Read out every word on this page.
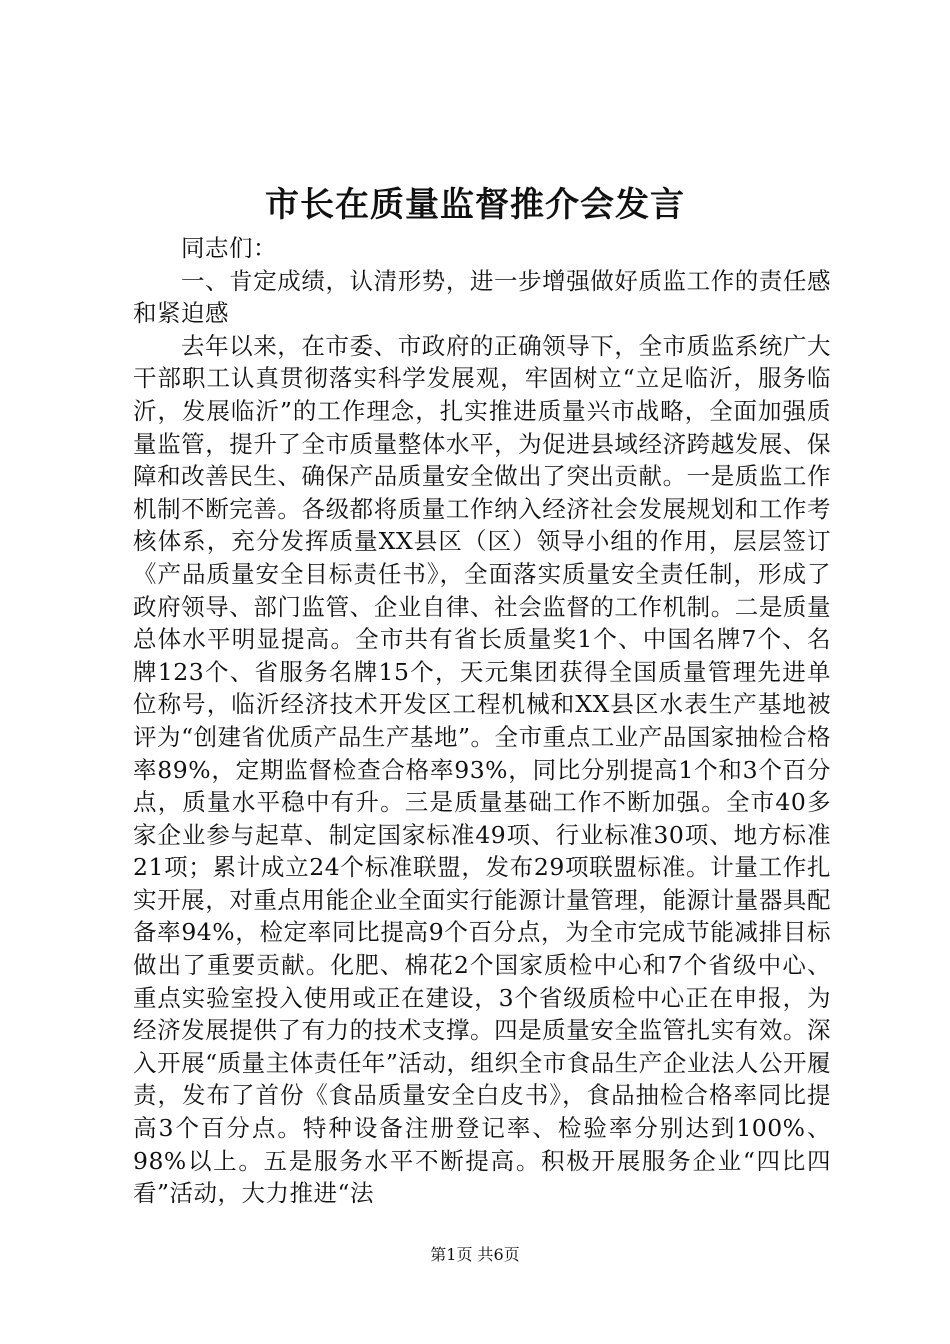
市长在质量监督推介会发言

同志们：

一、肯定成绩，认清形势，进一步增强做好质监工作的责任感和紧迫感

去年以来，在市委、市政府的正确领导下，全市质监系统广大干部职工认真贯彻落实科学发展观，牢固树立“立足临沂，服务临沂，发展临沂”的工作理念，扎实推进质量兴市战略，全面加强质量监管，提升了全市质量整体水平，为促进县域经济跨越发展、保障和改善民生、确保产品质量安全做出了突出贡献。一是质监工作机制不断完善。各级都将质量工作纳入经济社会发展规划和工作考核体系，充分发挥质量XX县区（区）领导小组的作用，层层签订《产品质量安全目标责任书》，全面落实质量安全责任制，形成了政府领导、部门监管、企业自律、社会监督的工作机制。二是质量总体水平明显提高。全市共有省长质量奖1个、中国名牌7个、名牌123个、省服务名牌15个，天元集团获得全国质量管理先进单位称号，临沂经济技术开发区工程机械和XX县区水表生产基地被评为“创建省优质产品生产基地”。全市重点工业产品国家抽检合格率89%，定期监督检查合格率93%，同比分别提高1个和3个百分点，质量水平稳中有升。三是质量基础工作不断加强。全市40多家企业参与起草、制定国家标准49项、行业标准30项、地方标准21项；累计成立24个标准联盟，发布29项联盟标准。计量工作扎实开展，对重点用能企业全面实行能源计量管理，能源计量器具配备率94%，检定率同比提高9个百分点，为全市完成节能减排目标做出了重要贡献。化肥、棉花2个国家质检中心和7个省级中心、重点实验室投入使用或正在建设，3个省级质检中心正在申报，为经济发展提供了有力的技术支撑。四是质量安全监管扎实有效。深入开展“质量主体责任年”活动，组织全市食品生产企业法人公开履责，发布了首份《食品质量安全白皮书》，食品抽检合格率同比提高3个百分点。特种设备注册登记率、检验率分别达到100%、98%以上。五是服务水平不断提高。积极开展服务企业“四比四看”活动，大力推进“法

第1页 共6页
